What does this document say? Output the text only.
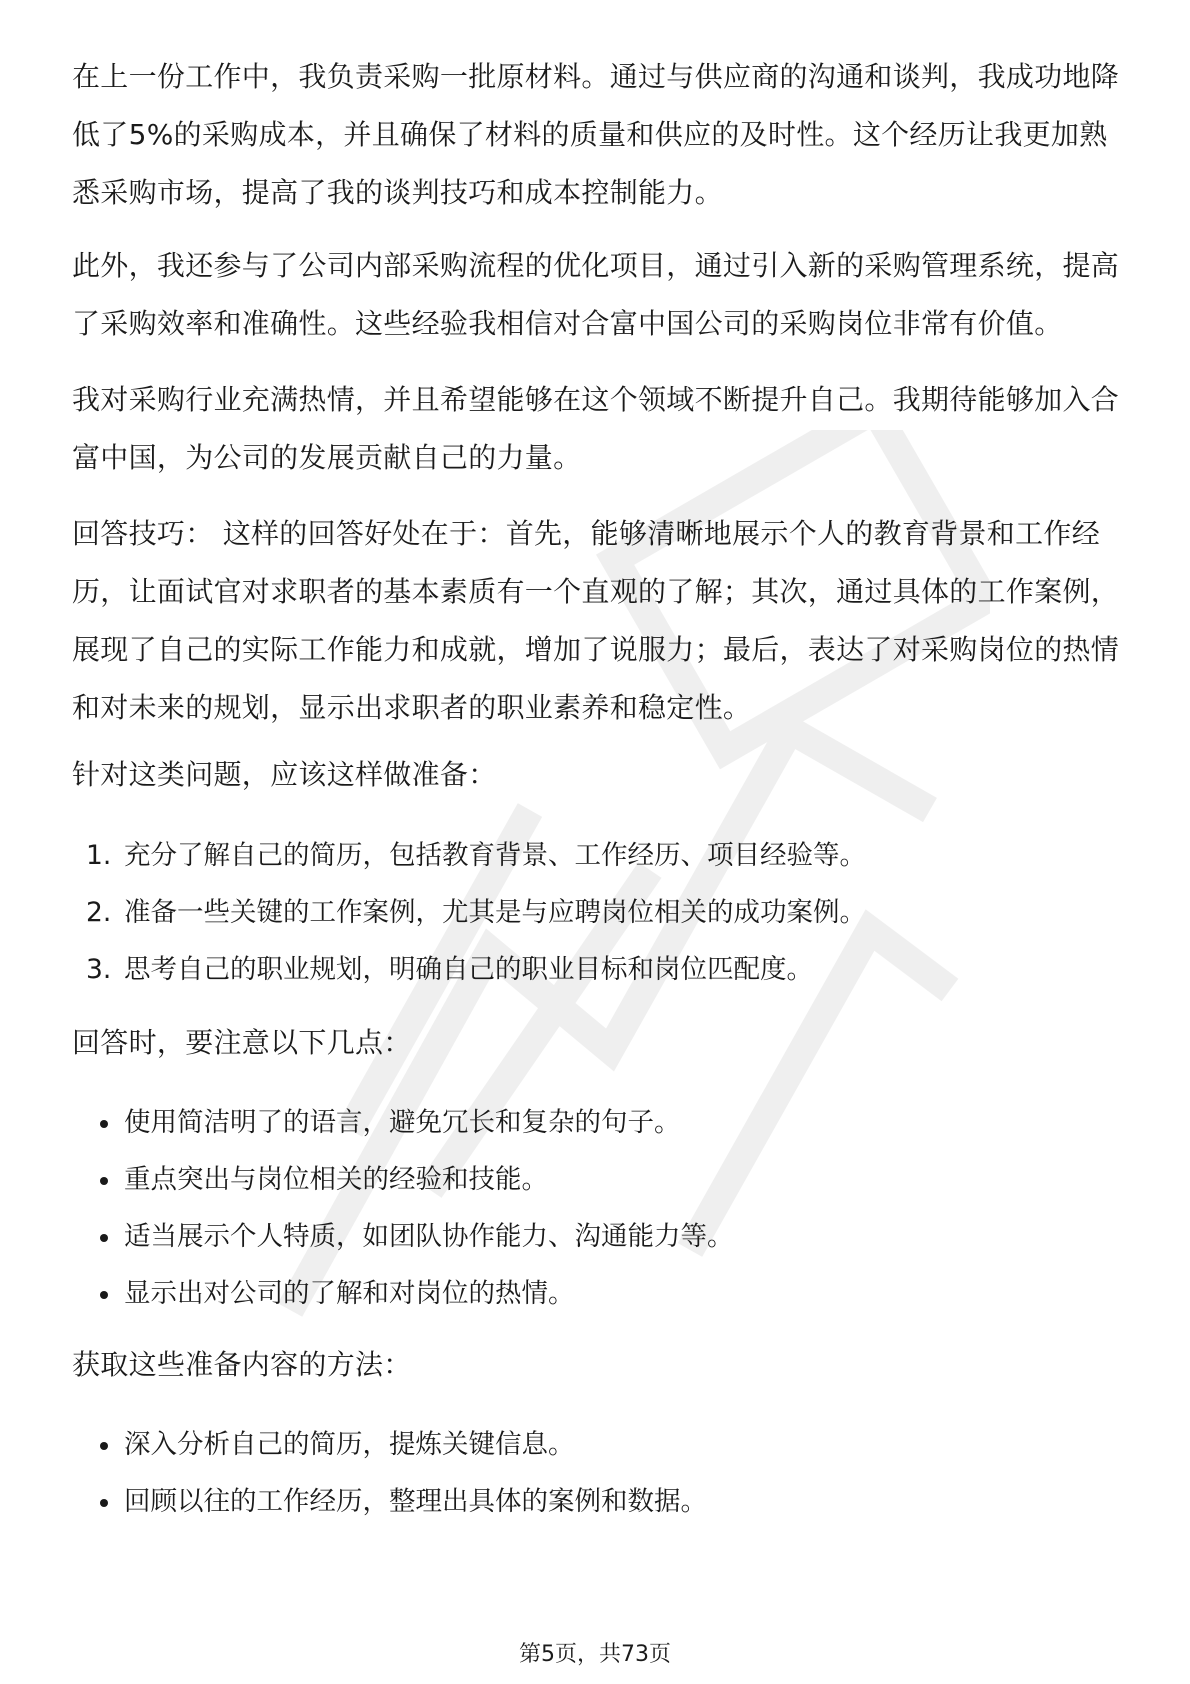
在上一份工作中，我负责采购一批原材料。通过与供应商的沟通和谈判，我成功地降低了5%的采购成本，并且确保了材料的质量和供应的及时性。这个经历让我更加熟悉采购市场，提高了我的谈判技巧和成本控制能力。

此外，我还参与了公司内部采购流程的优化项目，通过引入新的采购管理系统，提高了采购效率和准确性。这些经验我相信对合富中国公司的采购岗位非常有价值。

我对采购行业充满热情，并且希望能够在这个领域不断提升自己。我期待能够加入合富中国，为公司的发展贡献自己的力量。

回答技巧： 这样的回答好处在于：首先，能够清晰地展示个人的教育背景和工作经历，让面试官对求职者的基本素质有一个直观的了解；其次，通过具体的工作案例，展现了自己的实际工作能力和成就，增加了说服力；最后，表达了对采购岗位的热情和对未来的规划，显示出求职者的职业素养和稳定性。

针对这类问题，应该这样做准备：

1. 充分了解自己的简历，包括教育背景、工作经历、项目经验等。
2. 准备一些关键的工作案例，尤其是与应聘岗位相关的成功案例。
3. 思考自己的职业规划，明确自己的职业目标和岗位匹配度。

回答时，要注意以下几点：

使用简洁明了的语言，避免冗长和复杂的句子。
重点突出与岗位相关的经验和技能。
适当展示个人特质，如团队协作能力、沟通能力等。
显示出对公司的了解和对岗位的热情。

获取这些准备内容的方法：

深入分析自己的简历，提炼关键信息。
回顾以往的工作经历，整理出具体的案例和数据。
第5页，共73页
